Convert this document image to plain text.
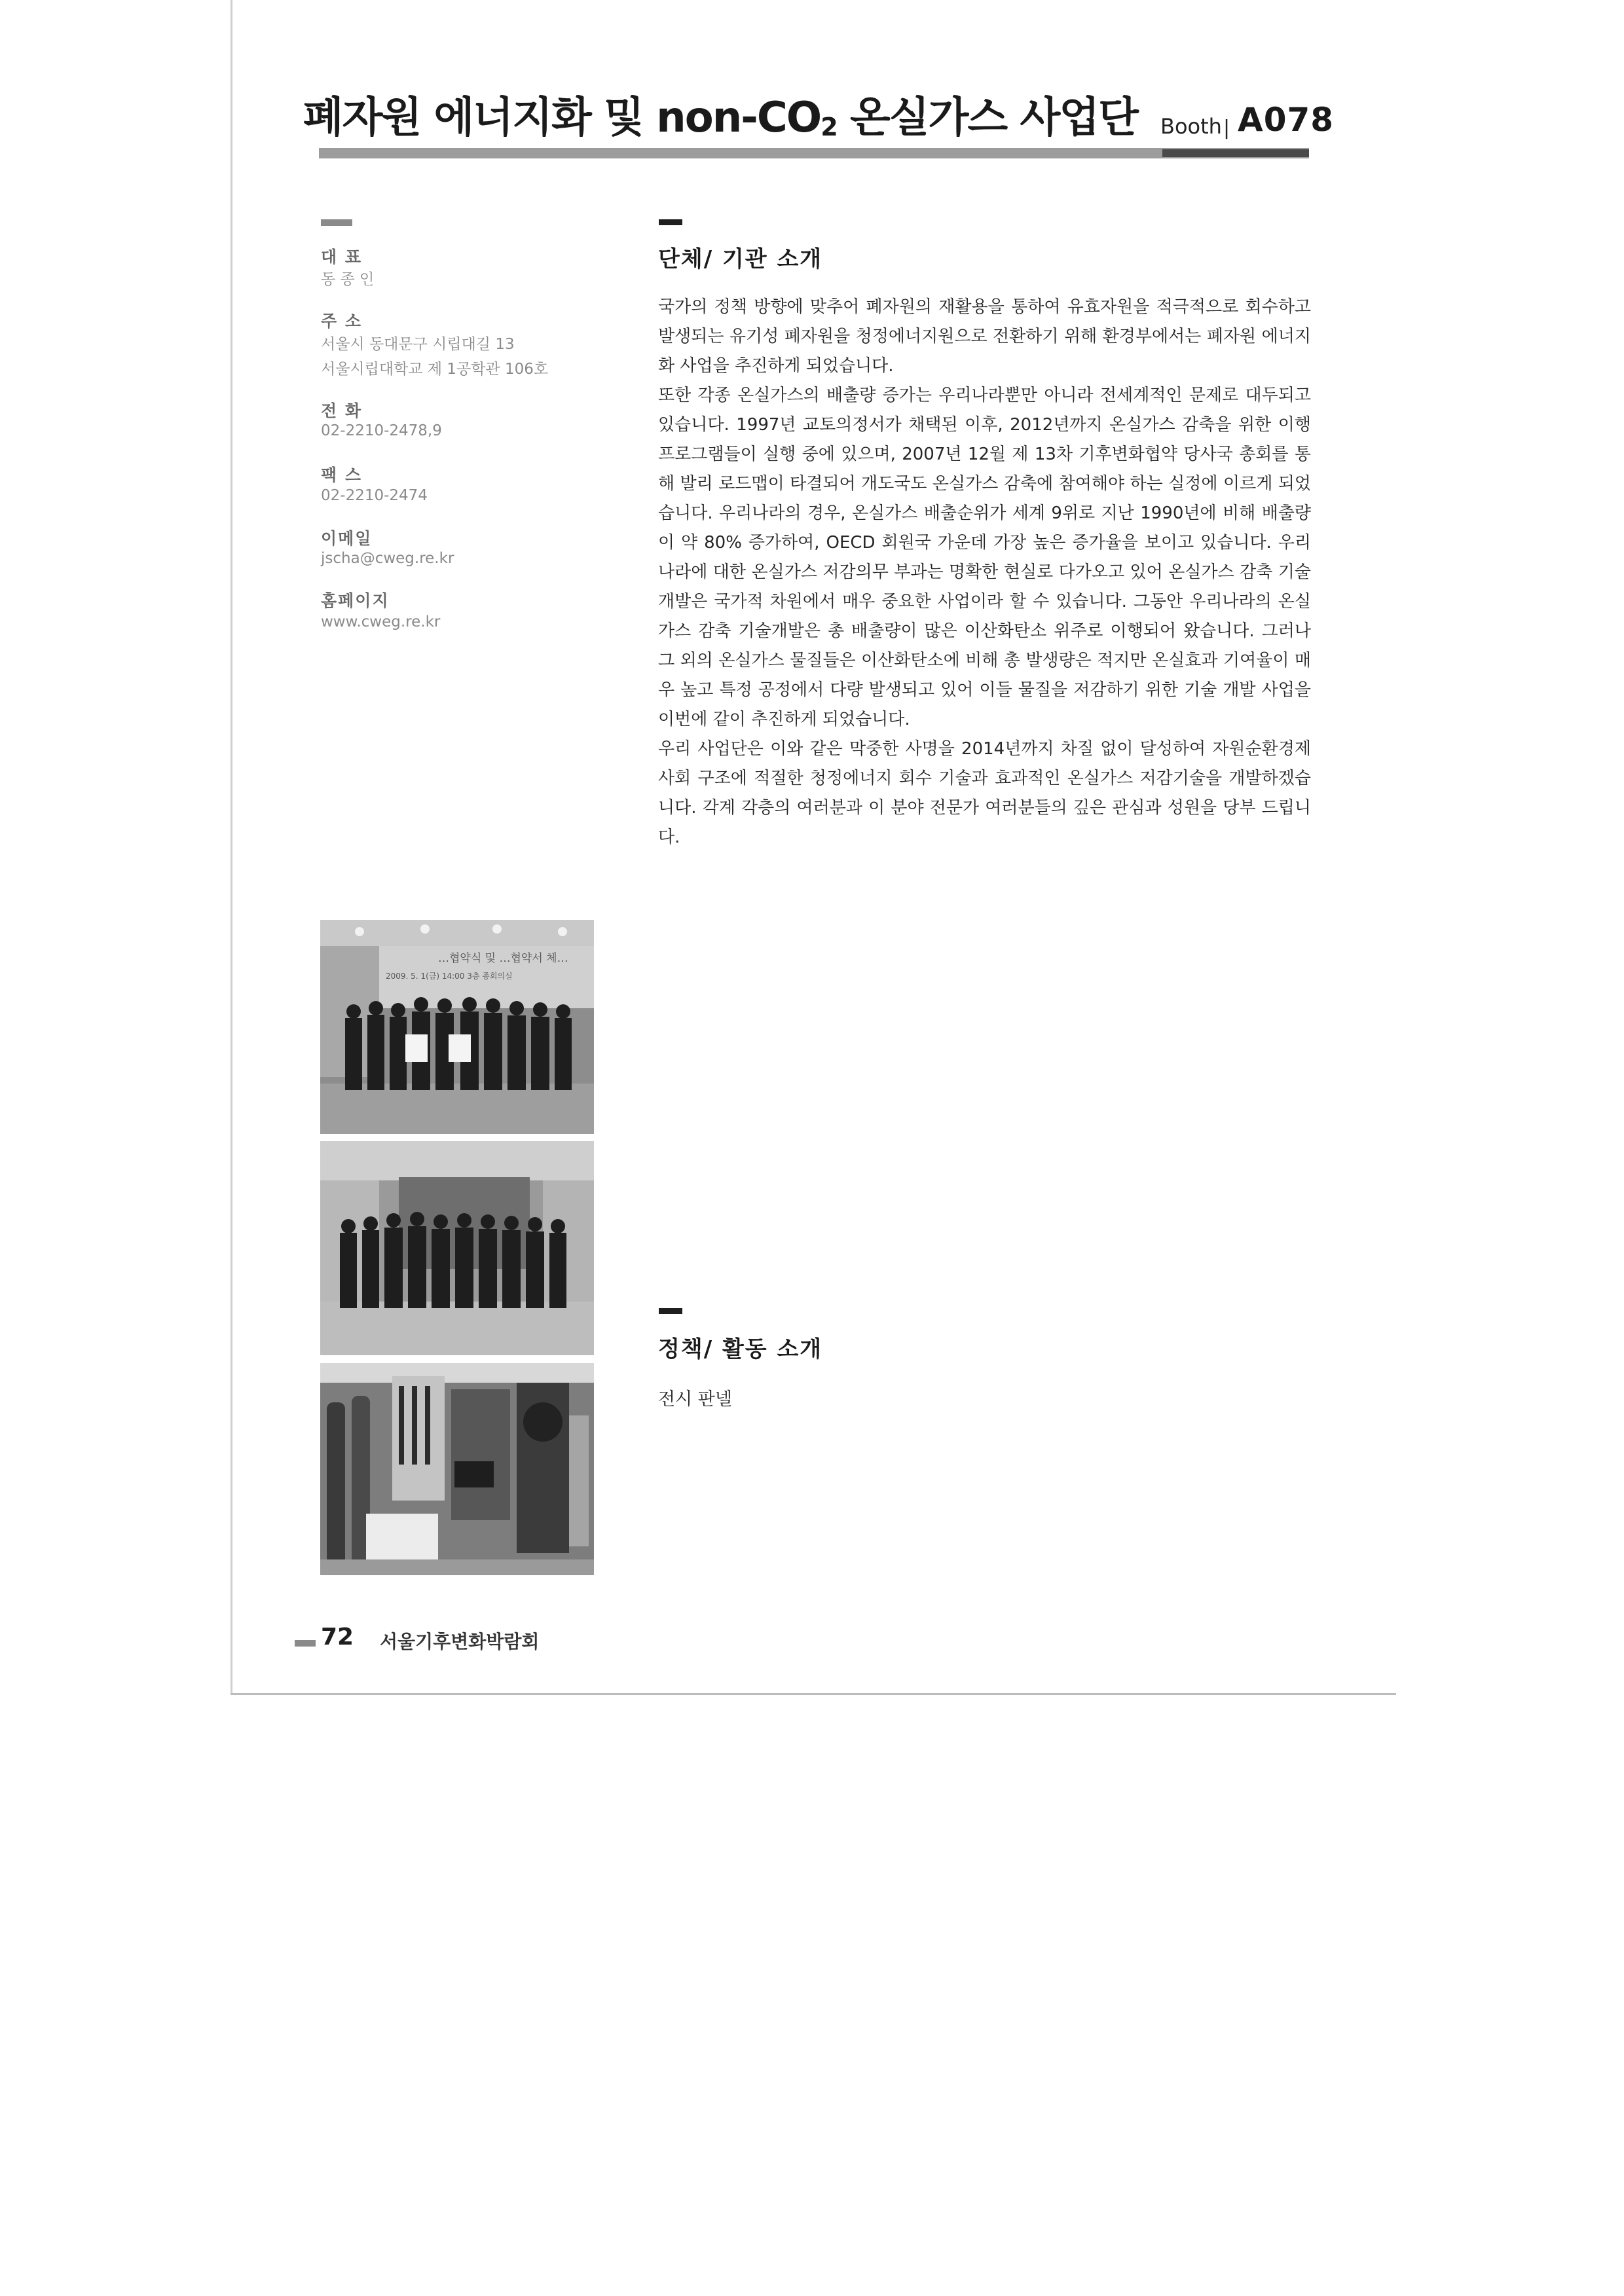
폐자원 에너지화 및 non-CO2 온실가스 사업단 Booth | A078
대 표
동 종 인
주 소
서울시 동대문구 시립대길 13
서울시립대학교 제 1공학관 106호
전 화
02-2210-2478,9
팩 스
02-2210-2474
이메일
jscha@cweg.re.kr
홈페이지
www.cweg.re.kr
단체/ 기관 소개

국가의 정책 방향에 맞추어 폐자원의 재활용을 통하여 유효자원을 적극적으로 회수하고 발생되는 유기성 폐자원을 청정에너지원으로 전환하기 위해 환경부에서는 폐자원 에너지화 사업을 추진하게 되었습니다.

또한 각종 온실가스의 배출량 증가는 우리나라뿐만 아니라 전세계적인 문제로 대두되고 있습니다. 1997년 교토의정서가 채택된 이후, 2012년까지 온실가스 감축을 위한 이행 프로그램들이 실행 중에 있으며, 2007년 12월 제 13차 기후변화협약 당사국 총회를 통해 발리 로드맵이 타결되어 개도국도 온실가스 감축에 참여해야 하는 실정에 이르게 되었습니다. 우리나라의 경우, 온실가스 배출순위가 세계 9위로 지난 1990년에 비해 배출량이 약 80% 증가하여, OECD 회원국 가운데 가장 높은 증가율을 보이고 있습니다. 우리나라에 대한 온실가스 저감의무 부과는 명확한 현실로 다가오고 있어 온실가스 감축 기술개발은 국가적 차원에서 매우 중요한 사업이라 할 수 있습니다. 그동안 우리나라의 온실가스 감축 기술개발은 총 배출량이 많은 이산화탄소 위주로 이행되어 왔습니다. 그러나 그 외의 온실가스 물질들은 이산화탄소에 비해 총 발생량은 적지만 온실효과 기여율이 매우 높고 특정 공정에서 다량 발생되고 있어 이들 물질을 저감하기 위한 기술 개발 사업을 이번에 같이 추진하게 되었습니다.

우리 사업단은 이와 같은 막중한 사명을 2014년까지 차질 없이 달성하여 자원순환경제사회 구조에 적절한 청정에너지 회수 기술과 효과적인 온실가스 저감기술을 개발하겠습니다. 각계 각층의 여러분과 이 분야 전문가 여러분들의 깊은 관심과 성원을 당부 드립니다.

정책/ 활동 소개
전시 판넬
…협약식 및 …협약서 체…
2009. 5. 1(금) 14:00 3층 종회의실
72 서울기후변화박람회
